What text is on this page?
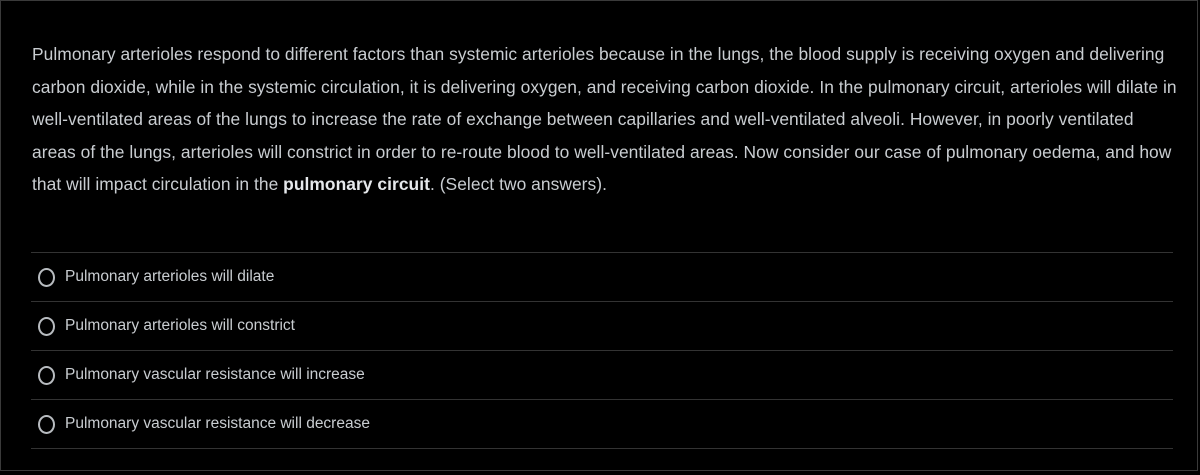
Pulmonary arterioles respond to different factors than systemic arterioles because in the lungs, the blood supply is receiving oxygen and delivering carbon dioxide, while in the systemic circulation, it is delivering oxygen, and receiving carbon dioxide. In the pulmonary circuit, arterioles will dilate in well-ventilated areas of the lungs to increase the rate of exchange between capillaries and well-ventilated alveoli. However, in poorly ventilated areas of the lungs, arterioles will constrict in order to re-route blood to well-ventilated areas. Now consider our case of pulmonary oedema, and how that will impact circulation in the pulmonary circuit. (Select two answers).
Pulmonary arterioles will dilate
Pulmonary arterioles will constrict
Pulmonary vascular resistance will increase
Pulmonary vascular resistance will decrease
